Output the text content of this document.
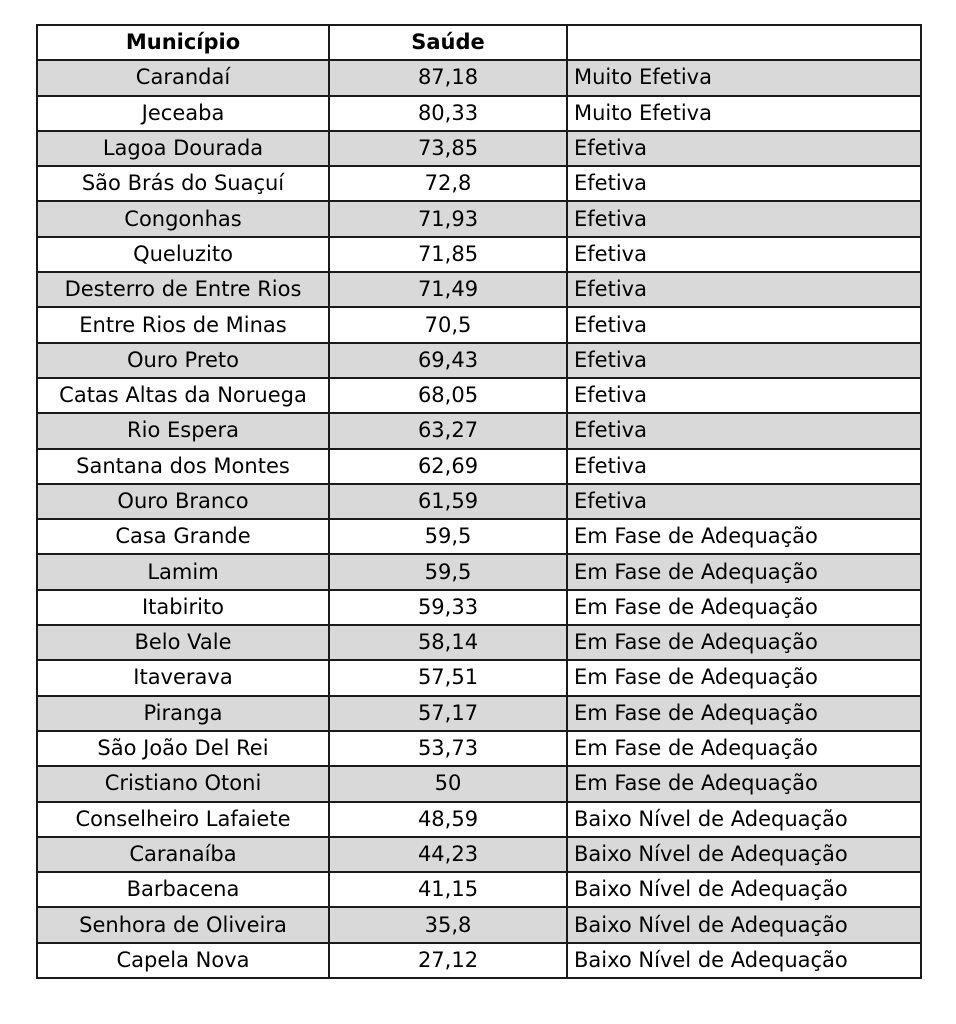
Município	Saúde	
Carandaí	87,18	Muito Efetiva
Jeceaba	80,33	Muito Efetiva
Lagoa Dourada	73,85	Efetiva
São Brás do Suaçuí	72,8	Efetiva
Congonhas	71,93	Efetiva
Queluzito	71,85	Efetiva
Desterro de Entre Rios	71,49	Efetiva
Entre Rios de Minas	70,5	Efetiva
Ouro Preto	69,43	Efetiva
Catas Altas da Noruega	68,05	Efetiva
Rio Espera	63,27	Efetiva
Santana dos Montes	62,69	Efetiva
Ouro Branco	61,59	Efetiva
Casa Grande	59,5	Em Fase de Adequação
Lamim	59,5	Em Fase de Adequação
Itabirito	59,33	Em Fase de Adequação
Belo Vale	58,14	Em Fase de Adequação
Itaverava	57,51	Em Fase de Adequação
Piranga	57,17	Em Fase de Adequação
São João Del Rei	53,73	Em Fase de Adequação
Cristiano Otoni	50	Em Fase de Adequação
Conselheiro Lafaiete	48,59	Baixo Nível de Adequação
Caranaíba	44,23	Baixo Nível de Adequação
Barbacena	41,15	Baixo Nível de Adequação
Senhora de Oliveira	35,8	Baixo Nível de Adequação
Capela Nova	27,12	Baixo Nível de Adequação
